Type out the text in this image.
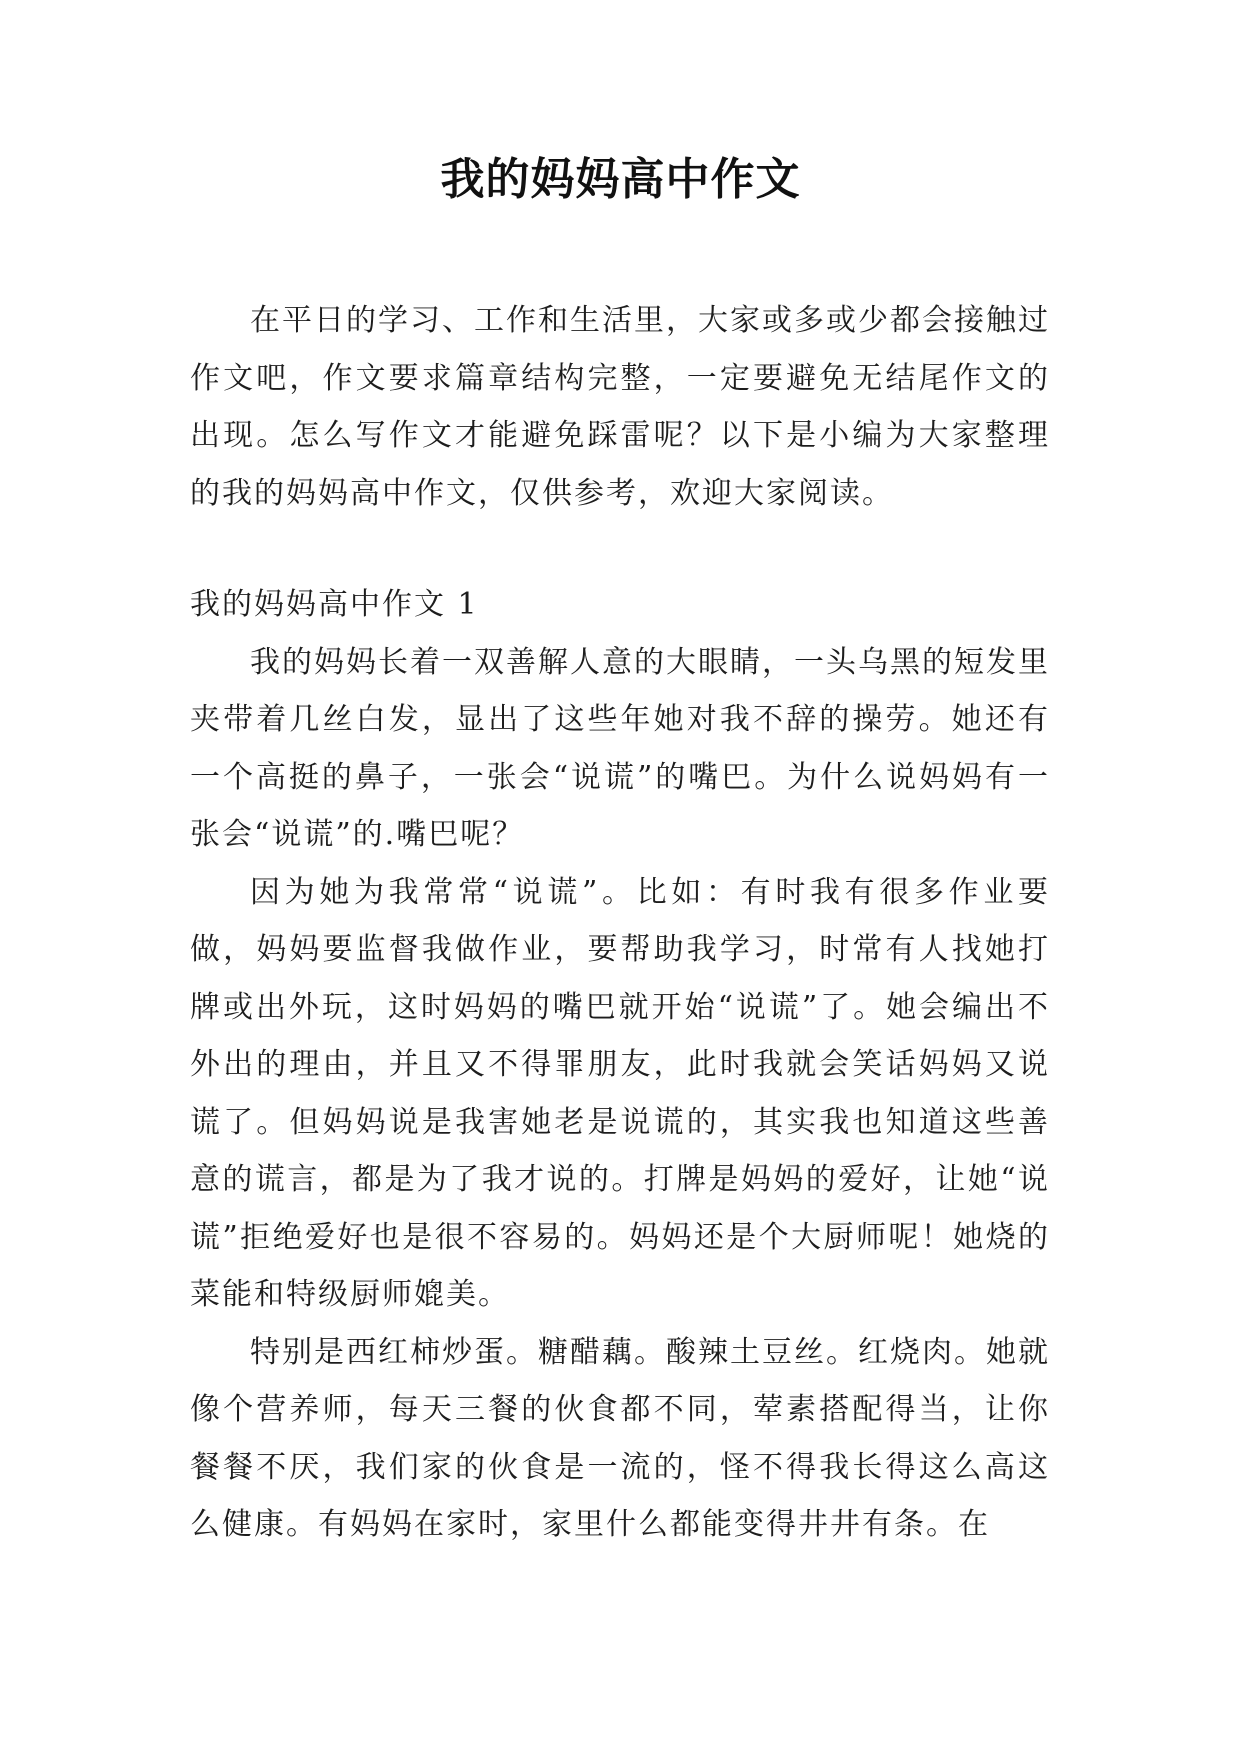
我的妈妈高中作文

在平日的学习、工作和生活里，大家或多或少都会接触过作文吧，作文要求篇章结构完整，一定要避免无结尾作文的出现。怎么写作文才能避免踩雷呢？以下是小编为大家整理的我的妈妈高中作文，仅供参考，欢迎大家阅读。

我的妈妈高中作文 1

我的妈妈长着一双善解人意的大眼睛，一头乌黑的短发里夹带着几丝白发，显出了这些年她对我不辞的操劳。她还有一个高挺的鼻子，一张会“说谎”的嘴巴。为什么说妈妈有一张会“说谎”的.嘴巴呢？

因为她为我常常“说谎”。比如：有时我有很多作业要做，妈妈要监督我做作业，要帮助我学习，时常有人找她打牌或出外玩，这时妈妈的嘴巴就开始“说谎”了。她会编出不外出的理由，并且又不得罪朋友，此时我就会笑话妈妈又说谎了。但妈妈说是我害她老是说谎的，其实我也知道这些善意的谎言，都是为了我才说的。打牌是妈妈的爱好，让她“说谎”拒绝爱好也是很不容易的。妈妈还是个大厨师呢！她烧的菜能和特级厨师媲美。

特别是西红柿炒蛋。糖醋藕。酸辣土豆丝。红烧肉。她就像个营养师，每天三餐的伙食都不同，荤素搭配得当，让你餐餐不厌，我们家的伙食是一流的，怪不得我长得这么高这么健康。有妈妈在家时，家里什么都能变得井井有条。在
